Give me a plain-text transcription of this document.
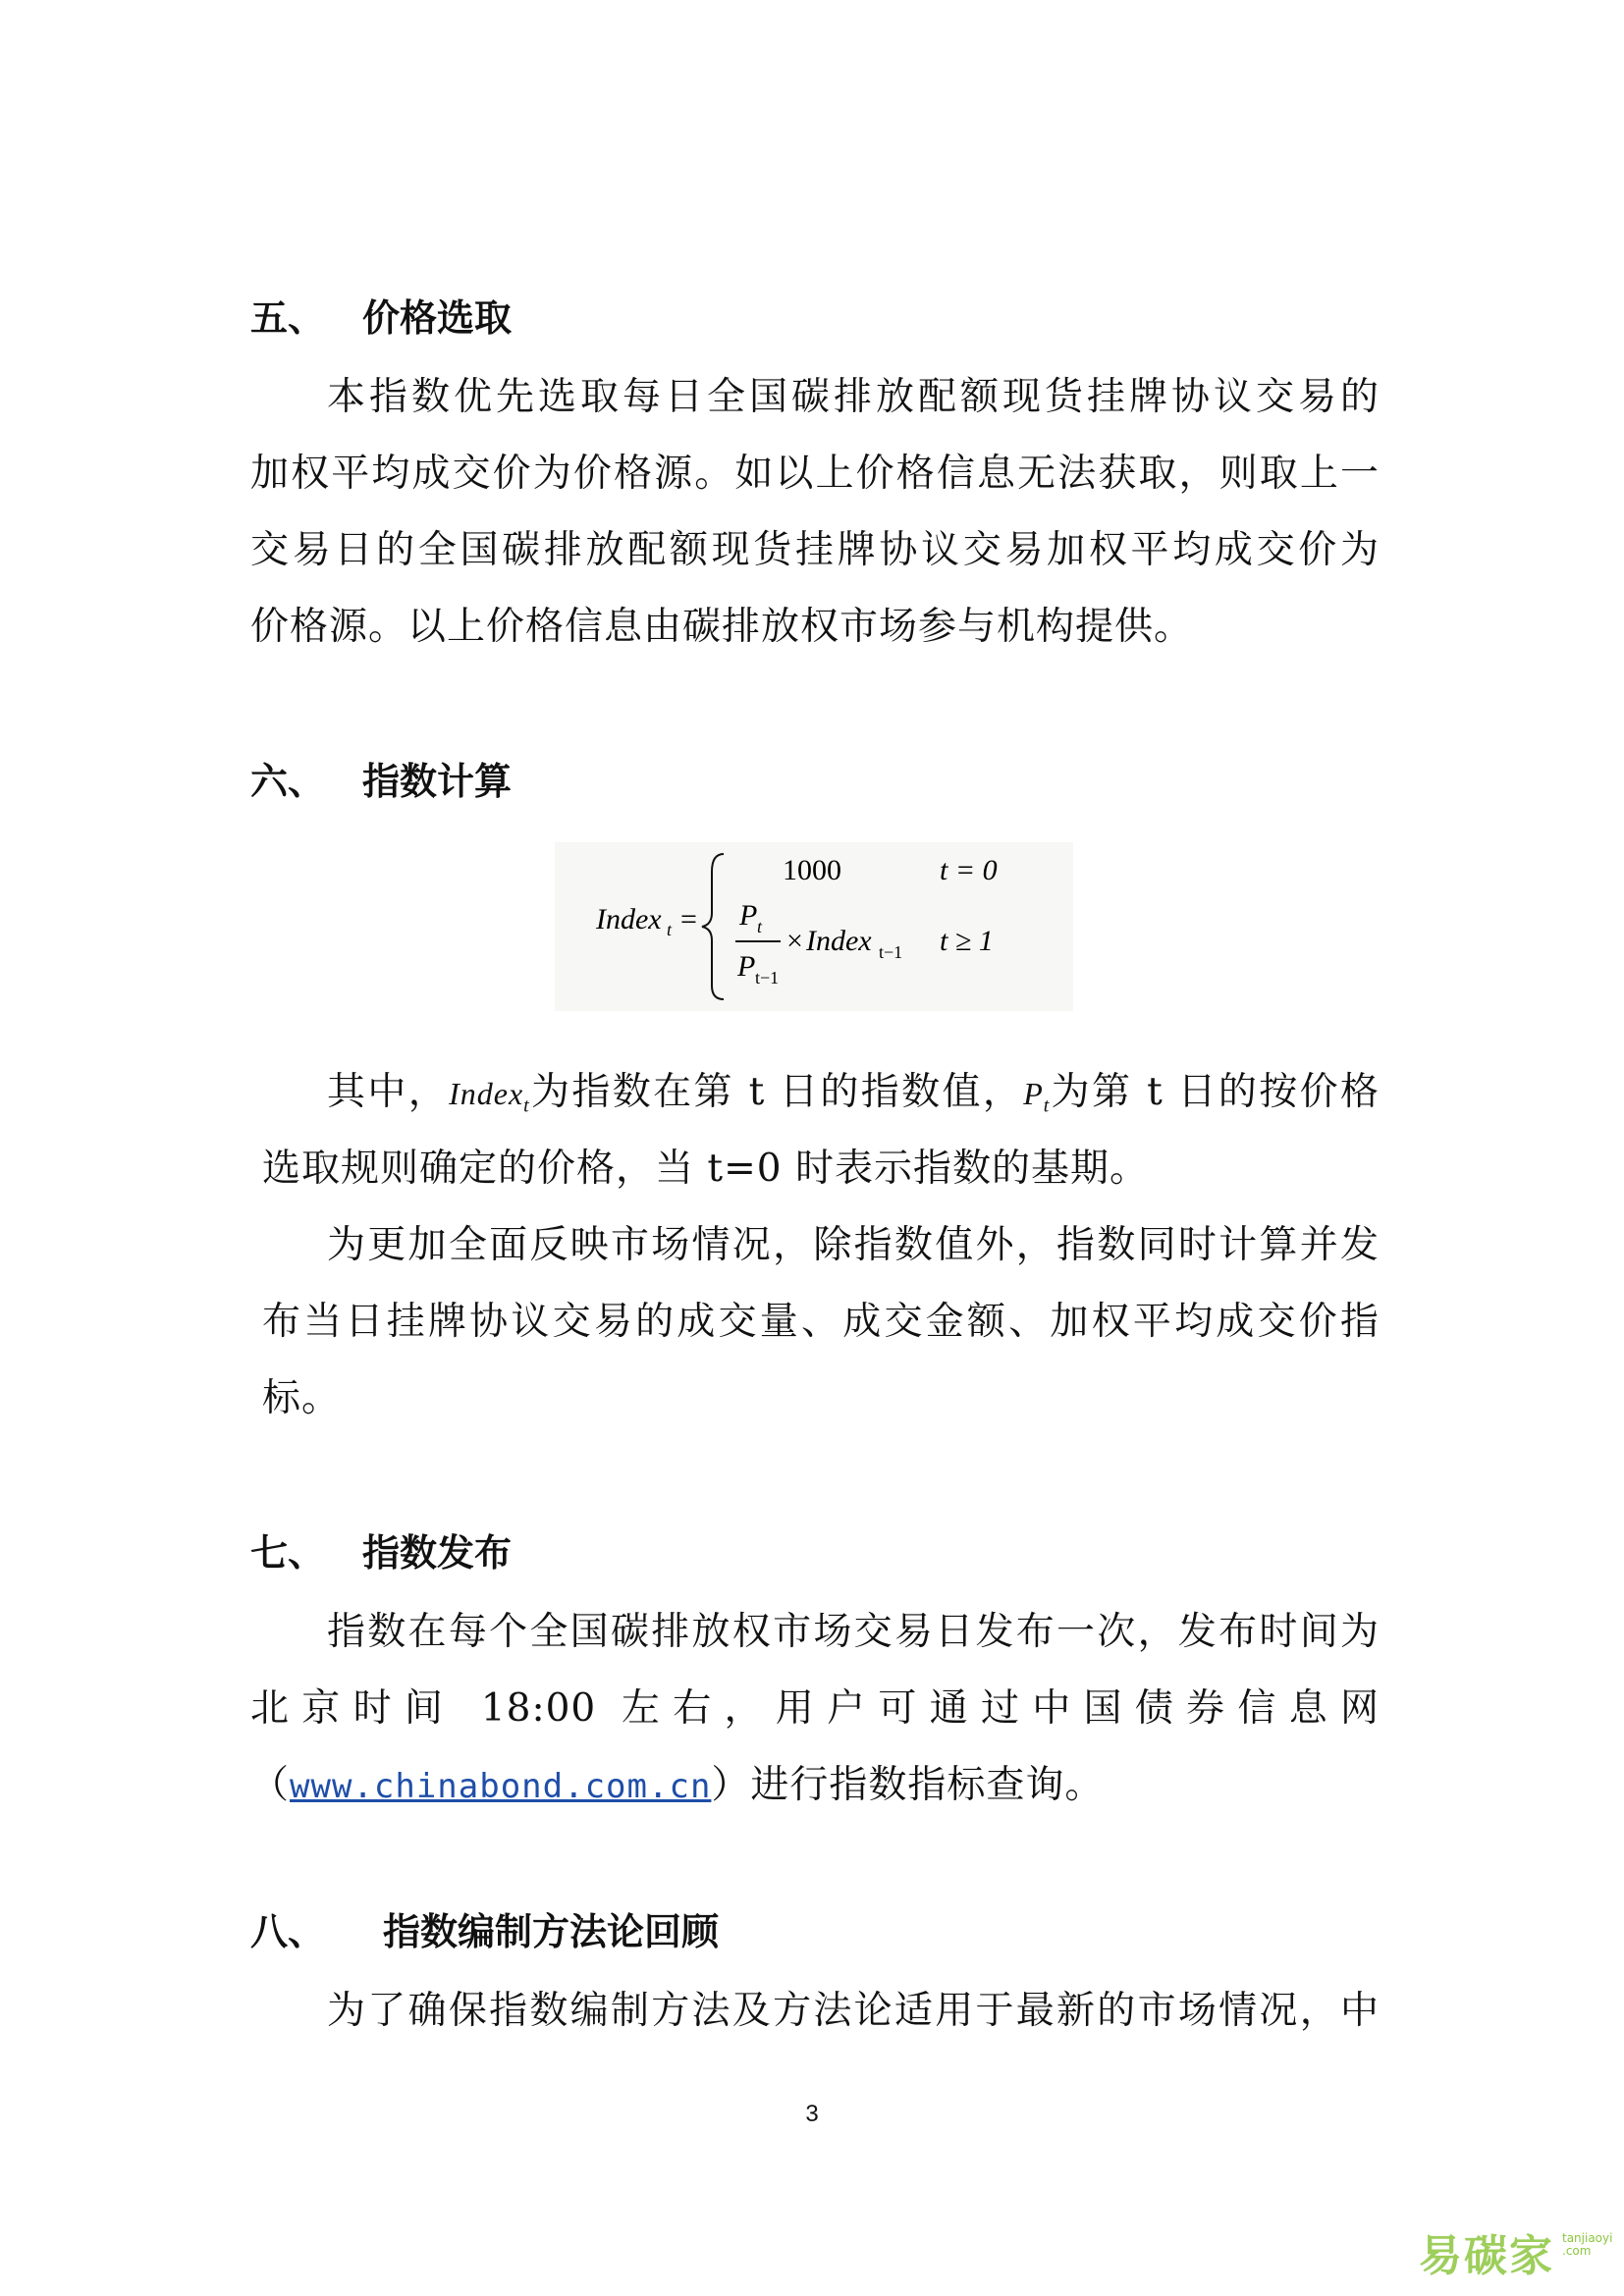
五、 价格选取
本指数优先选取每日全国碳排放配额现货挂牌协议交易的
加权平均成交价为价格源。如以上价格信息无法获取，则取上一
交易日的全国碳排放配额现货挂牌协议交易加权平均成交价为
价格源。以上价格信息由碳排放权市场参与机构提供。
六、 指数计算
Index t =
1000	t = 0
P t
P t−1
× Index t−1 t ≥ 1
其中，Index$_t$为指数在第 t 日的指数值，$P_t$为第 t 日的按价格
选取规则确定的价格，当 t=0 时表示指数的基期。
为更加全面反映市场情况，除指数值外，指数同时计算并发
布当日挂牌协议交易的成交量、成交金额、加权平均成交价指
标。
七、 指数发布
指数在每个全国碳排放权市场交易日发布一次，发布时间为
北京时间 18:00 左右，用户可通过中国债券信息网
（www.chinabond.com.cn）进行指数指标查询。
八、 指数编制方法论回顾
为了确保指数编制方法及方法论适用于最新的市场情况，中
3
易碳家 tanjiaoyi
.com
